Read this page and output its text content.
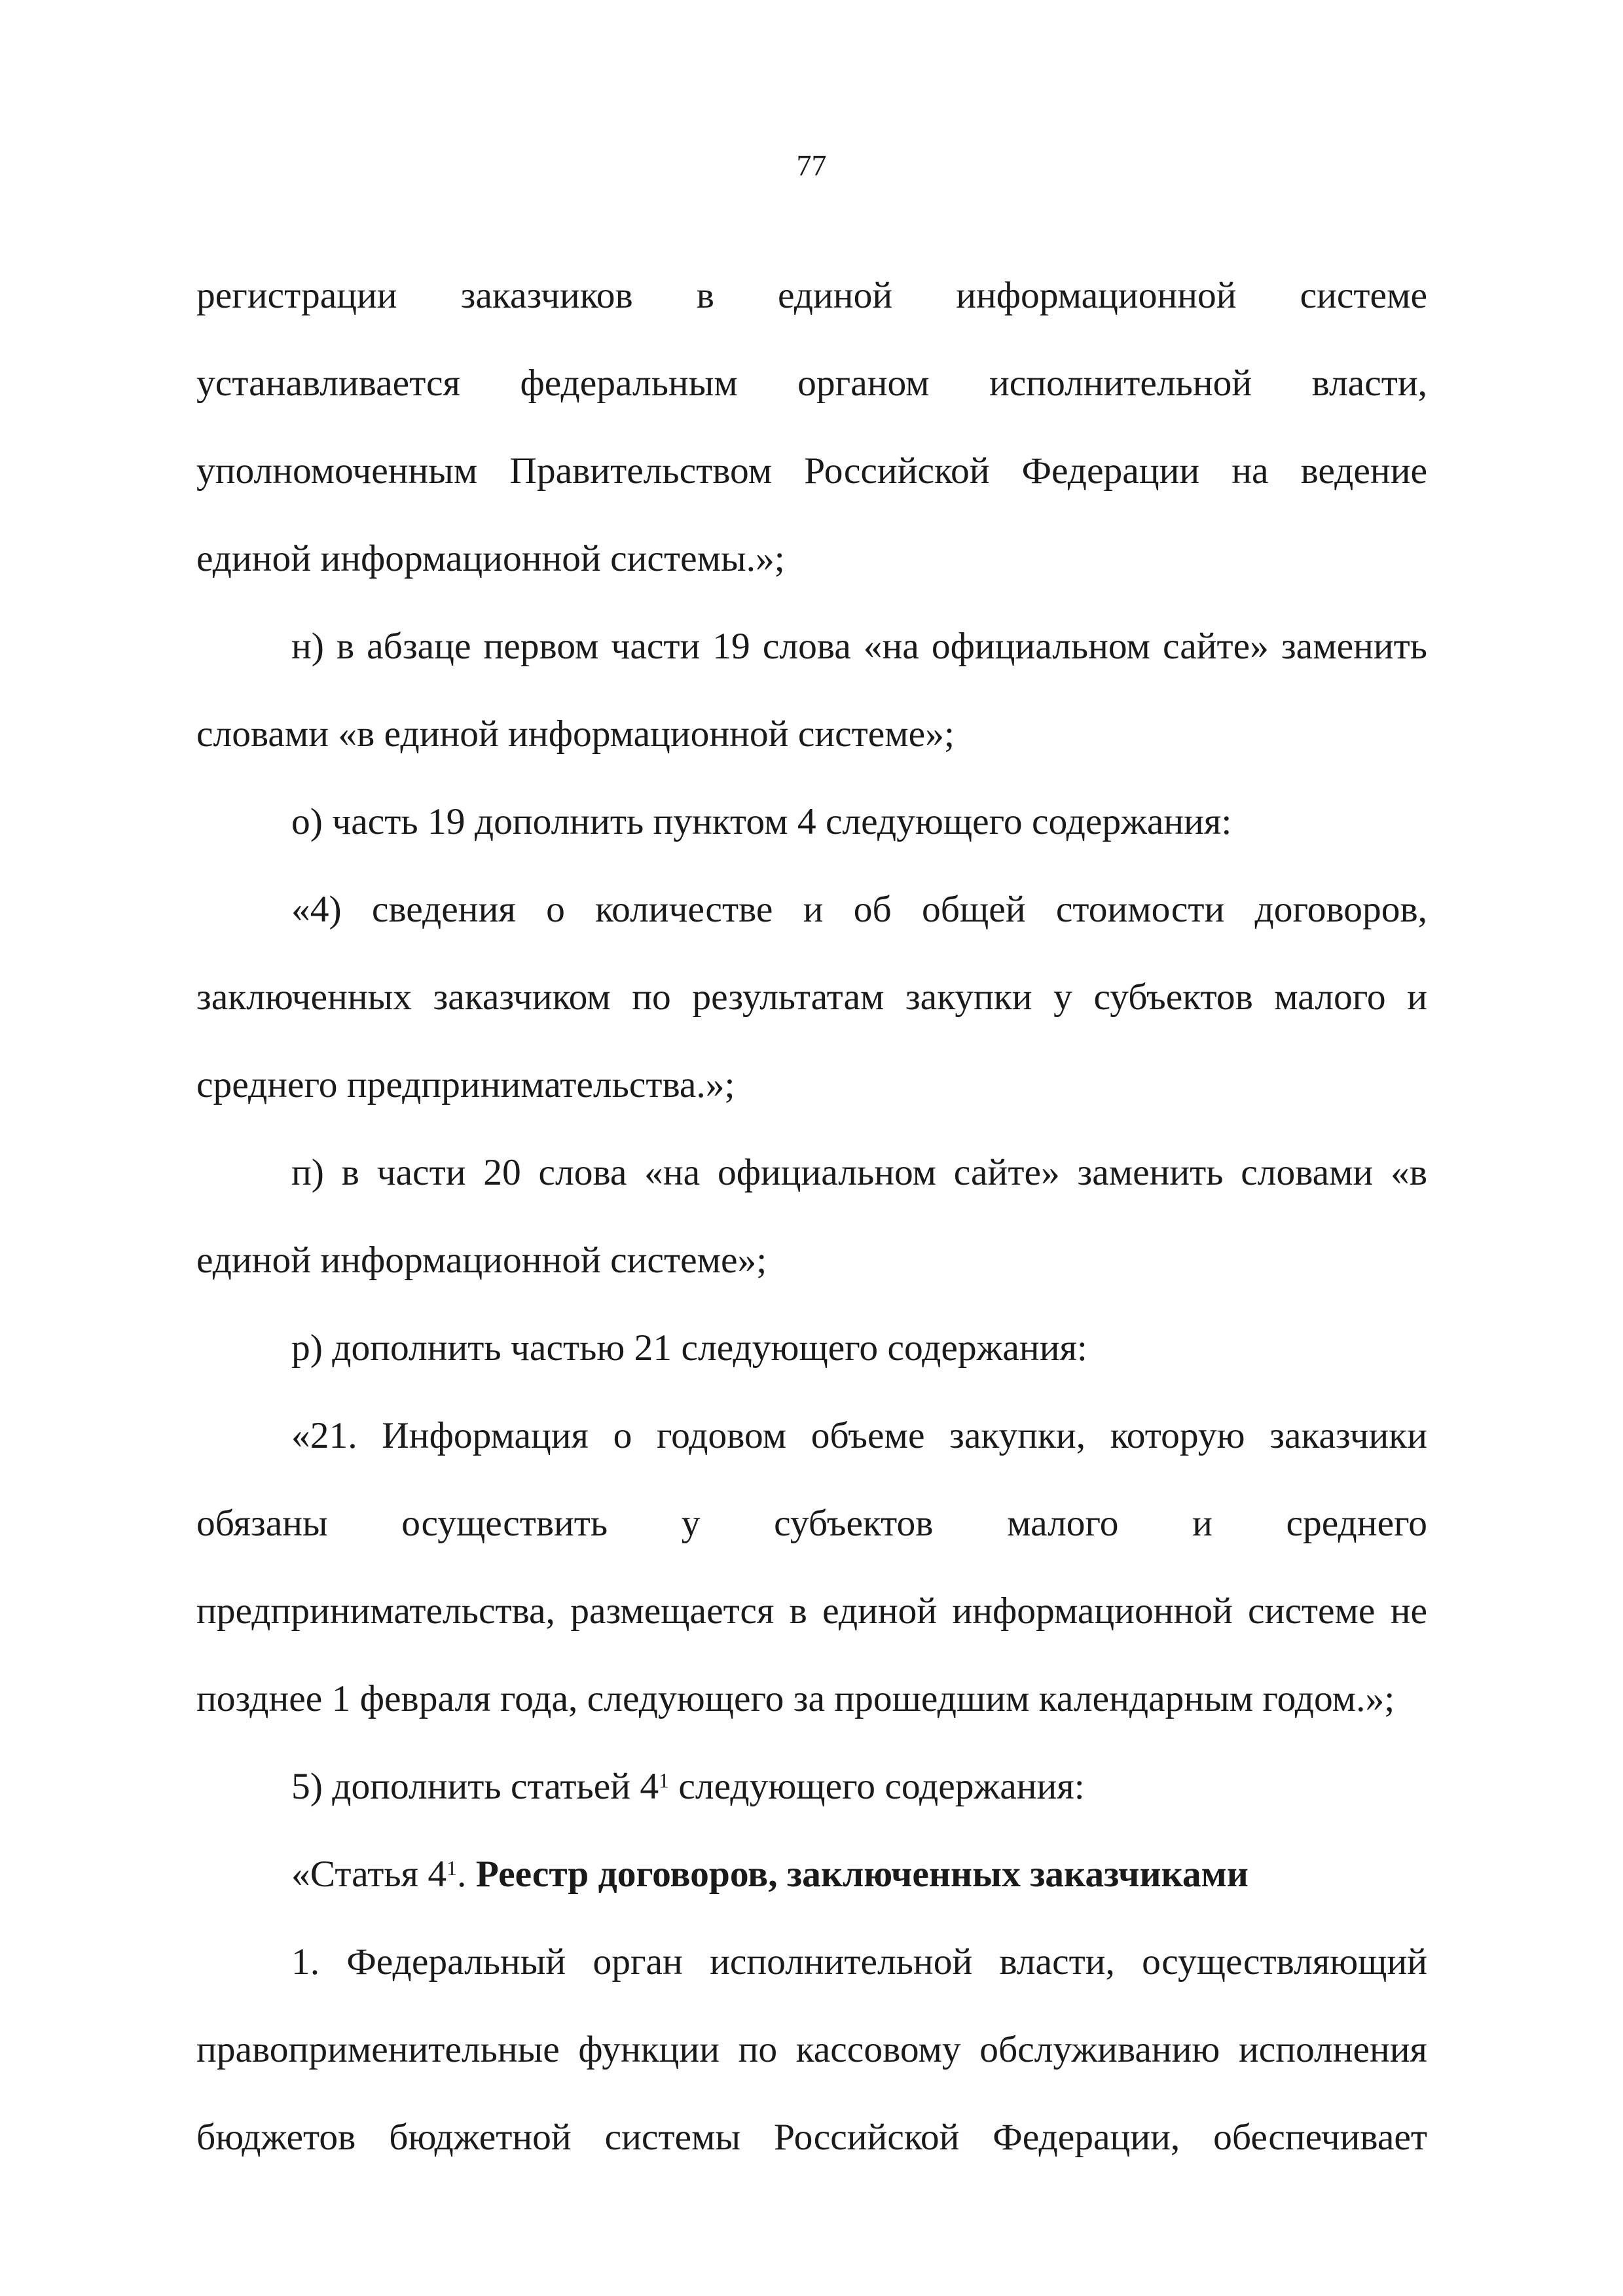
77
регистрации заказчиков в единой информационной системе
устанавливается федеральным органом исполнительной власти,
уполномоченным Правительством Российской Федерации на ведение
единой информационной системы.»;
н) в абзаце первом части 19 слова «на официальном сайте» заменить
словами «в единой информационной системе»;
о) часть 19 дополнить пунктом 4 следующего содержания:
«4) сведения о количестве и об общей стоимости договоров,
заключенных заказчиком по результатам закупки у субъектов малого и
среднего предпринимательства.»;
п) в части 20 слова «на официальном сайте» заменить словами «в
единой информационной системе»;
р) дополнить частью 21 следующего содержания:
«21. Информация о годовом объеме закупки, которую заказчики
обязаны осуществить у субъектов малого и среднего
предпринимательства, размещается в единой информационной системе не
позднее 1 февраля года, следующего за прошедшим календарным годом.»;
5) дополнить статьей $4^1$ следующего содержания:
«Статья $4^1$. Реестр договоров, заключенных заказчиками
1. Федеральный орган исполнительной власти, осуществляющий
правоприменительные функции по кассовому обслуживанию исполнения
бюджетов бюджетной системы Российской Федерации, обеспечивает
